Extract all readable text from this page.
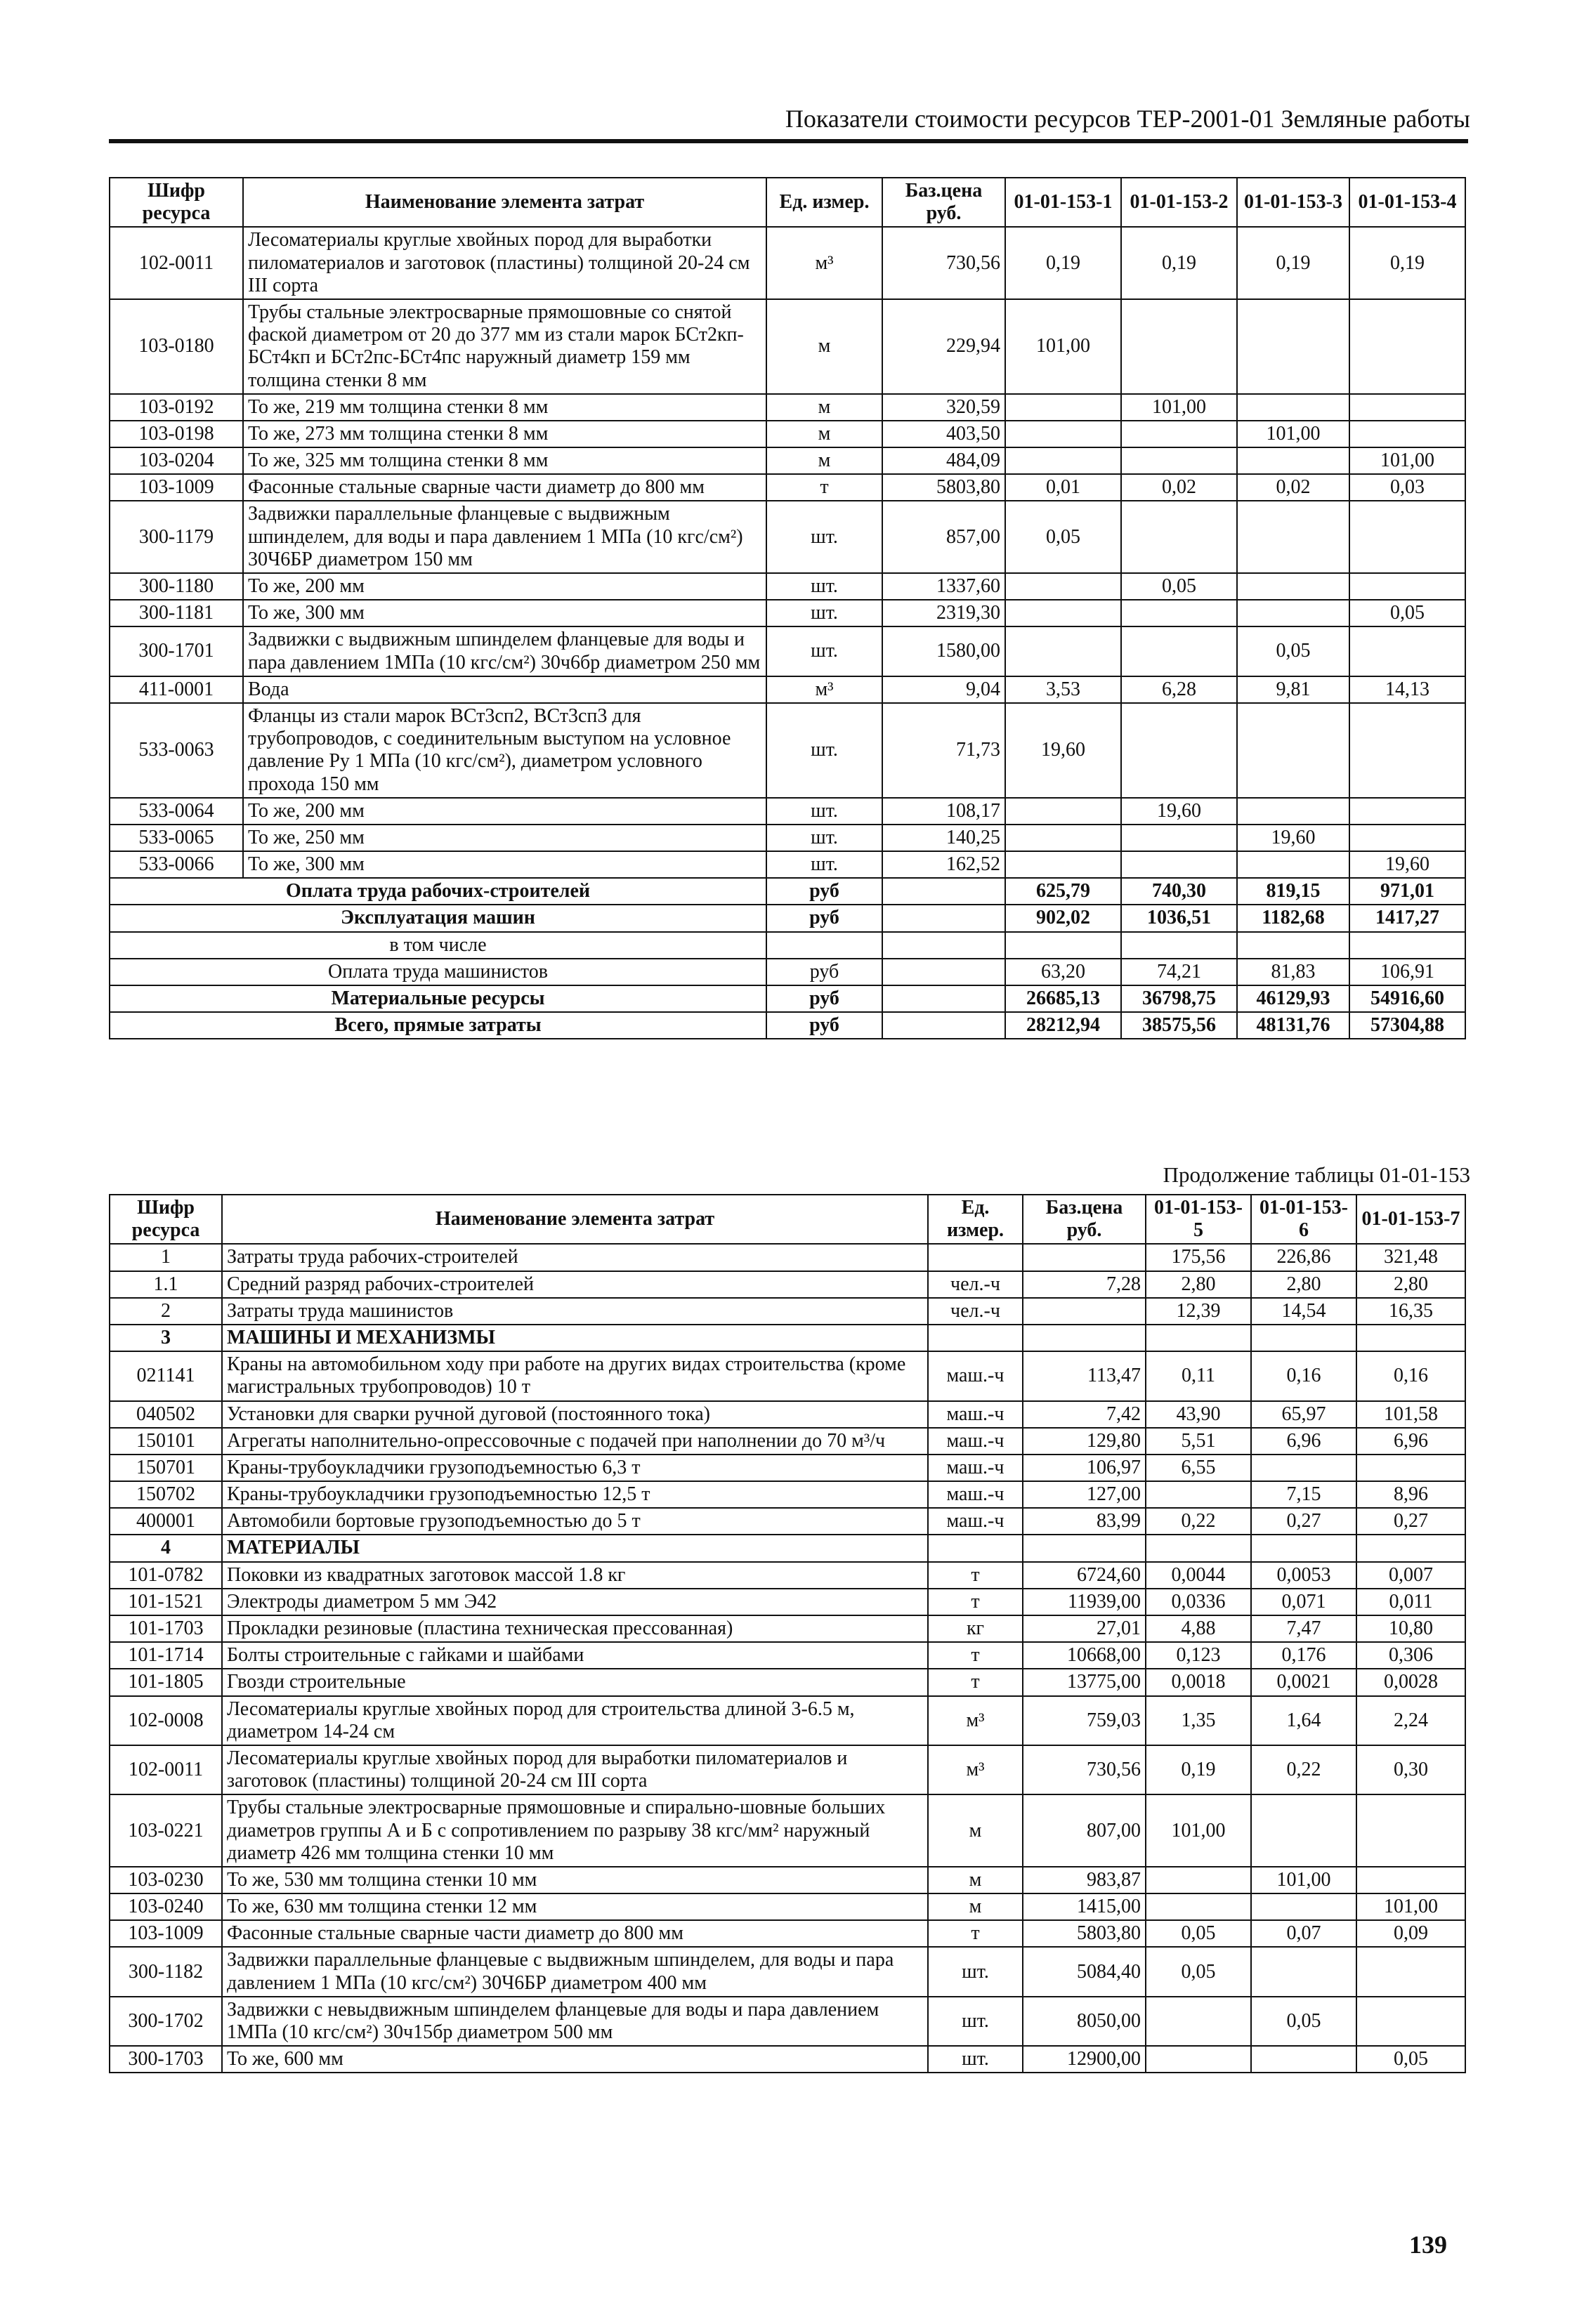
Показатели стоимости ресурсов ТЕР-2001-01 Земляные работы
Шифр ресурса	Наименование элемента затрат	Ед. измер.	Баз.цена руб.	01-01-153-1	01-01-153-2	01-01-153-3	01-01-153-4
102-0011	Лесоматериалы круглые хвойных пород для выработки пиломатериалов и заготовок (пластины) толщиной 20-24 см III сорта	м³	730,56	0,19	0,19	0,19	0,19
103-0180	Трубы стальные электросварные прямошовные со снятой фаской диаметром от 20 до 377 мм из стали марок БСт2кп-БСт4кп и БСт2пс-БСт4пс наружный диаметр 159 мм толщина стенки 8 мм	м	229,94	101,00			
103-0192	То же, 219 мм толщина стенки 8 мм	м	320,59		101,00		
103-0198	То же, 273 мм толщина стенки 8 мм	м	403,50			101,00	
103-0204	То же, 325 мм толщина стенки 8 мм	м	484,09				101,00
103-1009	Фасонные стальные сварные части диаметр до 800 мм	т	5803,80	0,01	0,02	0,02	0,03
300-1179	Задвижки параллельные фланцевые с выдвижным шпинделем, для воды и пара давлением 1 МПа (10 кгс/см²) 30Ч6БР диаметром 150 мм	шт.	857,00	0,05			
300-1180	То же, 200 мм	шт.	1337,60		0,05		
300-1181	То же, 300 мм	шт.	2319,30				0,05
300-1701	Задвижки с выдвижным шпинделем фланцевые для воды и пара давлением 1МПа (10 кгс/см²) 30ч6бр диаметром 250 мм	шт.	1580,00			0,05	
411-0001	Вода	м³	9,04	3,53	6,28	9,81	14,13
533-0063	Фланцы из стали марок ВСт3сп2, ВСт3сп3 для трубопроводов, с соединительным выступом на условное давление Ру 1 МПа (10 кгс/см²), диаметром условного прохода 150 мм	шт.	71,73	19,60			
533-0064	То же, 200 мм	шт.	108,17		19,60		
533-0065	То же, 250 мм	шт.	140,25			19,60	
533-0066	То же, 300 мм	шт.	162,52				19,60
Оплата труда рабочих-строителей		руб		625,79	740,30	819,15	971,01
Эксплуатация машин		руб		902,02	1036,51	1182,68	1417,27
в том числе							
Оплата труда машинистов		руб		63,20	74,21	81,83	106,91
Материальные ресурсы		руб		26685,13	36798,75	46129,93	54916,60
Всего, прямые затраты		руб		28212,94	38575,56	48131,76	57304,88
Продолжение таблицы 01-01-153
Шифр ресурса	Наименование элемента затрат	Ед. измер.	Баз.цена руб.	01-01-153-5	01-01-153-6	01-01-153-7
1	Затраты труда рабочих-строителей			175,56	226,86	321,48
1.1	Средний разряд рабочих-строителей	чел.-ч	7,28	2,80	2,80	2,80
2	Затраты труда машинистов	чел.-ч		12,39	14,54	16,35
3	МАШИНЫ И МЕХАНИЗМЫ					
021141	Краны на автомобильном ходу при работе на других видах строительства (кроме магистральных трубопроводов) 10 т	маш.-ч	113,47	0,11	0,16	0,16
040502	Установки для сварки ручной дуговой (постоянного тока)	маш.-ч	7,42	43,90	65,97	101,58
150101	Агрегаты наполнительно-опрессовочные с подачей при наполнении до 70 м³/ч	маш.-ч	129,80	5,51	6,96	6,96
150701	Краны-трубоукладчики грузоподъемностью 6,3 т	маш.-ч	106,97	6,55		
150702	Краны-трубоукладчики грузоподъемностью 12,5 т	маш.-ч	127,00		7,15	8,96
400001	Автомобили бортовые грузоподъемностью до 5 т	маш.-ч	83,99	0,22	0,27	0,27
4	МАТЕРИАЛЫ					
101-0782	Поковки из квадратных заготовок массой 1.8 кг	т	6724,60	0,0044	0,0053	0,007
101-1521	Электроды диаметром 5 мм Э42	т	11939,00	0,0336	0,071	0,011
101-1703	Прокладки резиновые (пластина техническая прессованная)	кг	27,01	4,88	7,47	10,80
101-1714	Болты строительные с гайками и шайбами	т	10668,00	0,123	0,176	0,306
101-1805	Гвозди строительные	т	13775,00	0,0018	0,0021	0,0028
102-0008	Лесоматериалы круглые хвойных пород для строительства длиной 3-6.5 м, диаметром 14-24 см	м³	759,03	1,35	1,64	2,24
102-0011	Лесоматериалы круглые хвойных пород для выработки пиломатериалов и заготовок (пластины) толщиной 20-24 см III сорта	м³	730,56	0,19	0,22	0,30
103-0221	Трубы стальные электросварные прямошовные и спирально-шовные больших диаметров группы А и Б с сопротивлением по разрыву 38 кгс/мм² наружный диаметр 426 мм толщина стенки 10 мм	м	807,00	101,00		
103-0230	То же, 530 мм толщина стенки 10 мм	м	983,87		101,00	
103-0240	То же, 630 мм толщина стенки 12 мм	м	1415,00			101,00
103-1009	Фасонные стальные сварные части диаметр до 800 мм	т	5803,80	0,05	0,07	0,09
300-1182	Задвижки параллельные фланцевые с выдвижным шпинделем, для воды и пара давлением 1 МПа (10 кгс/см²) 30Ч6БР диаметром 400 мм	шт.	5084,40	0,05		
300-1702	Задвижки с невыдвижным шпинделем фланцевые для воды и пара давлением 1МПа (10 кгс/см²) 30ч15бр диаметром 500 мм	шт.	8050,00		0,05	
300-1703	То же, 600 мм	шт.	12900,00			0,05
139
